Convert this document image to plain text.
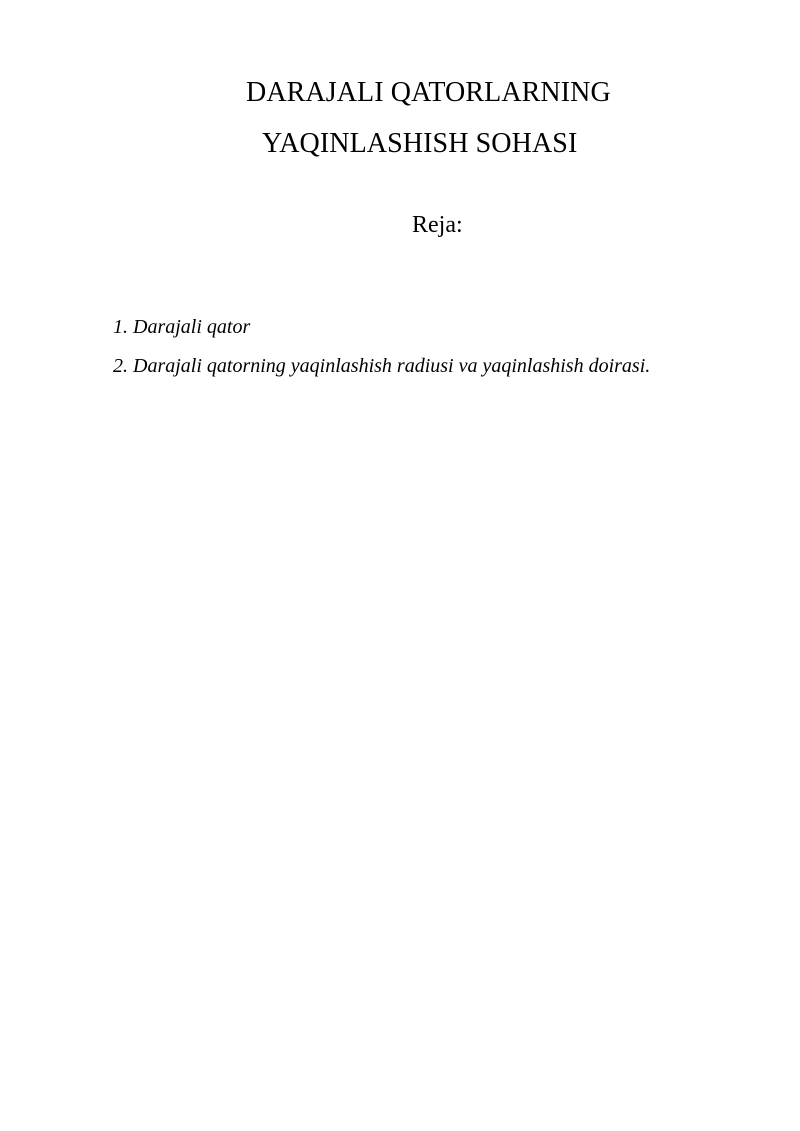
DARAJALI QATORLARNING
YAQINLASHISH SOHASI
Reja:
1. Darajali qator
2. Darajali qatorning yaqinlashish radiusi va yaqinlashish doirasi.
